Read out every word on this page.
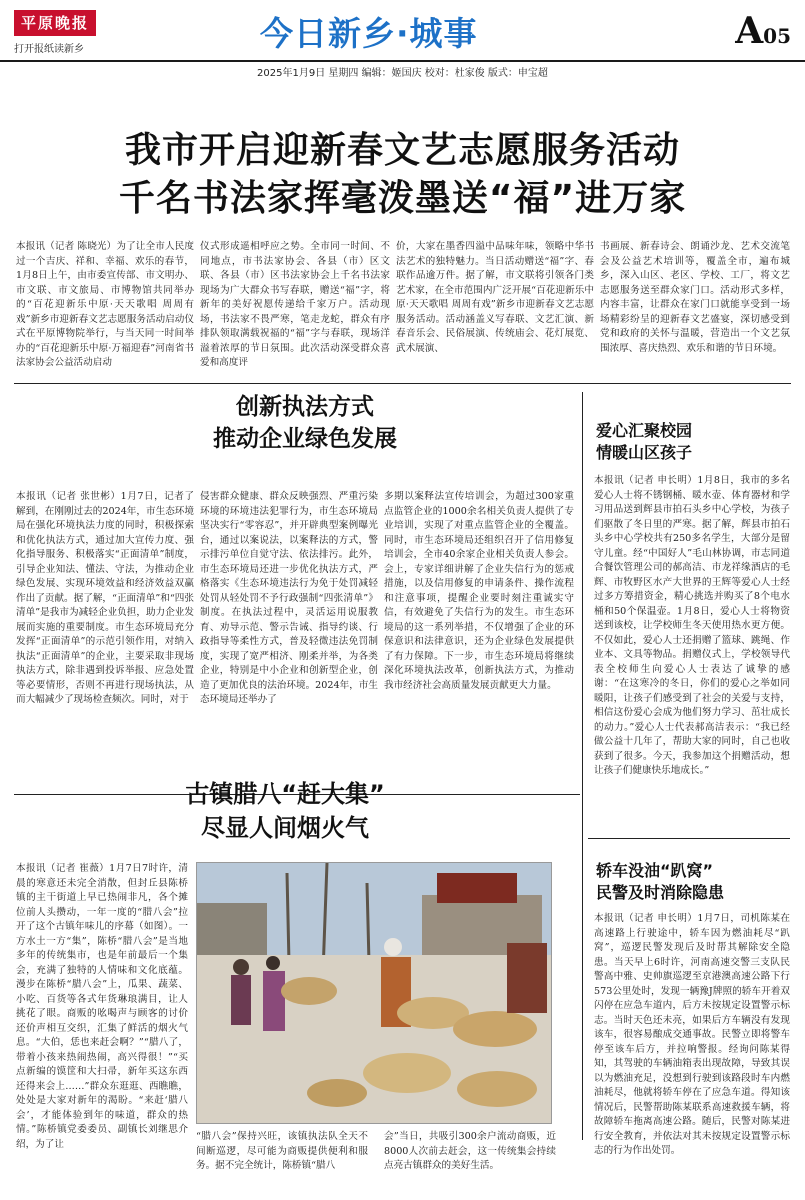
平原晚报
打开报纸读新乡	今日新乡·城事	A05
2025年1月9日 星期四 编辑：姬国庆 校对：杜家俊 版式：申宝超
我市开启迎新春文艺志愿服务活动
千名书法家挥毫泼墨送“福”进万家
本报讯（记者 陈晓光）为了让全市人民度过一个吉庆、祥和、幸福、欢乐的春节，1月8日上午，由市委宣传部、市文明办、市文联、市文旅局、市博物馆共同举办的“百花迎新乐中原·天天歌唱 周周有戏”新乡市迎新春文艺志愿服务活动启动仪式在平原博物院举行，与当天同一时间举办的“百花迎新乐中原·万福迎春”河南省书法家协会公益活动启动
仪式形成遥相呼应之势。全市同一时间、不同地点，市书法家协会、各县（市）区文联、各县（市）区书法家协会上千名书法家现场为广大群众书写春联，赠送“福”字，将新年的美好祝愿传递给千家万户。活动现场，书法家不畏严寒，笔走龙蛇，群众有序排队领取满载祝福的“福”字与春联，现场洋溢着浓厚的节日氛围。此次活动深受群众喜爱和高度评
价，大家在墨香四溢中品味年味，领略中华书法艺术的独特魅力。当日活动赠送“福”字、春联作品逾万件。据了解，市文联将引领各门类艺术家，在全市范围内广泛开展“百花迎新乐中原·天天歌唱 周周有戏”新乡市迎新春文艺志愿服务活动。活动涵盖义写春联、文艺汇演、新春音乐会、民俗展演、传统庙会、花灯展览、武术展演、
书画展、新春诗会、朗诵沙龙、艺术交流笔会及公益艺术培训等，覆盖全市，遍布城乡，深入山区、老区、学校、工厂，将文艺志愿服务送至群众家门口。活动形式多样，内容丰富，让群众在家门口就能享受到一场场精彩纷呈的迎新春文艺盛宴，深切感受到党和政府的关怀与温暖，营造出一个文艺氛围浓厚、喜庆热烈、欢乐和谐的节日环境。
创新执法方式
推动企业绿色发展
本报讯（记者 张世彬）1月7日，记者了解到，在刚刚过去的2024年，市生态环境局在强化环境执法力度的同时，积极探索和优化执法方式，通过加大宣传力度、强化指导服务、积极落实“正面清单”制度，引导企业知法、懂法、守法，为推动企业绿色发展、实现环境效益和经济效益双赢作出了贡献。据了解，“正面清单”和“四张清单”是我市为减轻企业负担，助力企业发展而实施的重要制度。市生态环境局充分发挥“正面清单”的示范引领作用，对纳入执法“正面清单”的企业，主要采取非现场执法方式，除非遇到投诉举报、应急处置等必要情形，否则不再进行现场执法，从而大幅减少了现场检查频次。同时，对于
侵害群众健康、群众反映强烈、严重污染环境的环境违法犯罪行为，市生态环境局坚决实行“零容忍”，并开辟典型案例曝光台，通过以案说法，以案释法的方式，警示排污单位自觉守法、依法排污。此外，市生态环境局还进一步优化执法方式，严格落实《生态环境违法行为免于处罚减轻处罚从轻处罚不予行政强制“四张清单”》制度。在执法过程中，灵活运用说服教育、劝导示范、警示告诫、指导约谈、行政指导等柔性方式，普及轻微违法免罚制度，实现了宽严相济、刚柔并举，为各类企业，特别是中小企业和创新型企业，创造了更加优良的法治环境。2024年，市生态环境局还举办了
多期以案释法宣传培训会，为超过300家重点监管企业的1000余名相关负责人提供了专业培训，实现了对重点监管企业的全覆盖。同时，市生态环境局还组织召开了信用修复培训会，全市40余家企业相关负责人参会。会上，专家详细讲解了企业失信行为的惩戒措施，以及信用修复的申请条件、操作流程和注意事项，提醒企业要时刻注重诚实守信，有效避免了失信行为的发生。市生态环境局的这一系列举措，不仅增强了企业的环保意识和法律意识，还为企业绿色发展提供了有力保障。下一步，市生态环境局将继续深化环境执法改革，创新执法方式，为推动我市经济社会高质量发展贡献更大力量。
爱心汇聚校园
情暖山区孩子
本报讯（记者 申长明）1月8日，我市的多名爱心人士将不锈钢桶、暖水壶、体育器材和学习用品送到辉县市拍石头乡中心学校，为孩子们驱散了冬日里的严寒。据了解，辉县市拍石头乡中心学校共有250多名学生，大部分是留守儿童。经“中国好人”毛山林协调，市志同道合餐饮管理公司的郝高洁、市龙祥缘酒店的毛辉、市牧野区水产大世界的王辉等爱心人士经过多方筹措资金，精心挑选并购买了8个电水桶和50个保温壶。1月8日，爱心人士将物资送到该校，让学校师生冬天使用热水更方便。不仅如此，爱心人士还捐赠了篮球、跳绳、作业本、文具等物品。捐赠仪式上，学校领导代表全校师生向爱心人士表达了诚挚的感谢：“在这寒冷的冬日，你们的爱心之举如同暖阳，让孩子们感受到了社会的关爱与支持，相信这份爱心会成为他们努力学习、茁壮成长的动力。”爱心人士代表郝高洁表示：“我已经做公益十几年了，帮助大家的同时，自己也收获到了很多。今天，我参加这个捐赠活动，想让孩子们健康快乐地成长。”
古镇腊八“赶大集”
尽显人间烟火气
本报讯（记者 崔薇）1月7日7时许，清晨的寒意还未完全消散，但封丘县陈桥镇的主干街道上早已热闹非凡，各个摊位前人头攒动，一年一度的“腊八会”拉开了这个古镇年味儿的序幕（如图）。一方水土一方“集”，陈桥“腊八会”是当地多年的传统集市，也是年前最后一个集会，充满了独特的人情味和文化底蕴。漫步在陈桥“腊八会”上，瓜果、蔬菜、小吃、百货等各式年货琳琅满目，让人挑花了眼。商贩的吆喝声与顾客的讨价还价声相互交织，汇集了鲜活的烟火气息。“大伯，恁也来赶会啊？”“腊八了，带着小孩来热闹热闹，高兴得很！”“买点新编的馍筐和大扫帚，新年买这东西还得来会上……”群众东逛逛、西瞧瞧，处处是大家对新年的渴盼。“来赶‘腊八会’，才能体验到年的味道，群众的热情。”陈桥镇党委委员、副镇长刘继思介绍，为了让
“腊八会”保持兴旺，该镇执法队全天不间断巡逻，尽可能为商贩提供便利和服务。据不完全统计，陈桥镇“腊八
会”当日，共吸引300余户流动商贩，近8000人次前去赶会，这一传统集会持续点亮古镇群众的美好生活。
轿车没油“趴窝”
民警及时消除隐患
本报讯（记者 申长明）1月7日，司机陈某在高速路上行驶途中，轿车因为燃油耗尽“趴窝”，巡逻民警发现后及时帮其解除安全隐患。当天早上6时许，河南高速交警三支队民警高中雅、史帅旗巡逻至京港澳高速公路下行573公里处时，发现一辆豫J牌照的轿车开着双闪停在应急车道内，后方未按规定设置警示标志。当时天色还未亮，如果后方车辆没有发现该车，很容易酿成交通事故。民警立即将警车停至该车后方，并拉响警报。经询问陈某得知，其驾驶的车辆油箱表出现故障，导致其误以为燃油充足，没想到行驶到该路段时车内燃油耗尽，他就将轿车停在了应急车道。得知该情况后，民警帮助陈某联系高速救援车辆，将故障轿车拖离高速公路。随后，民警对陈某进行安全教育，并依法对其未按规定设置警示标志的行为作出处罚。
